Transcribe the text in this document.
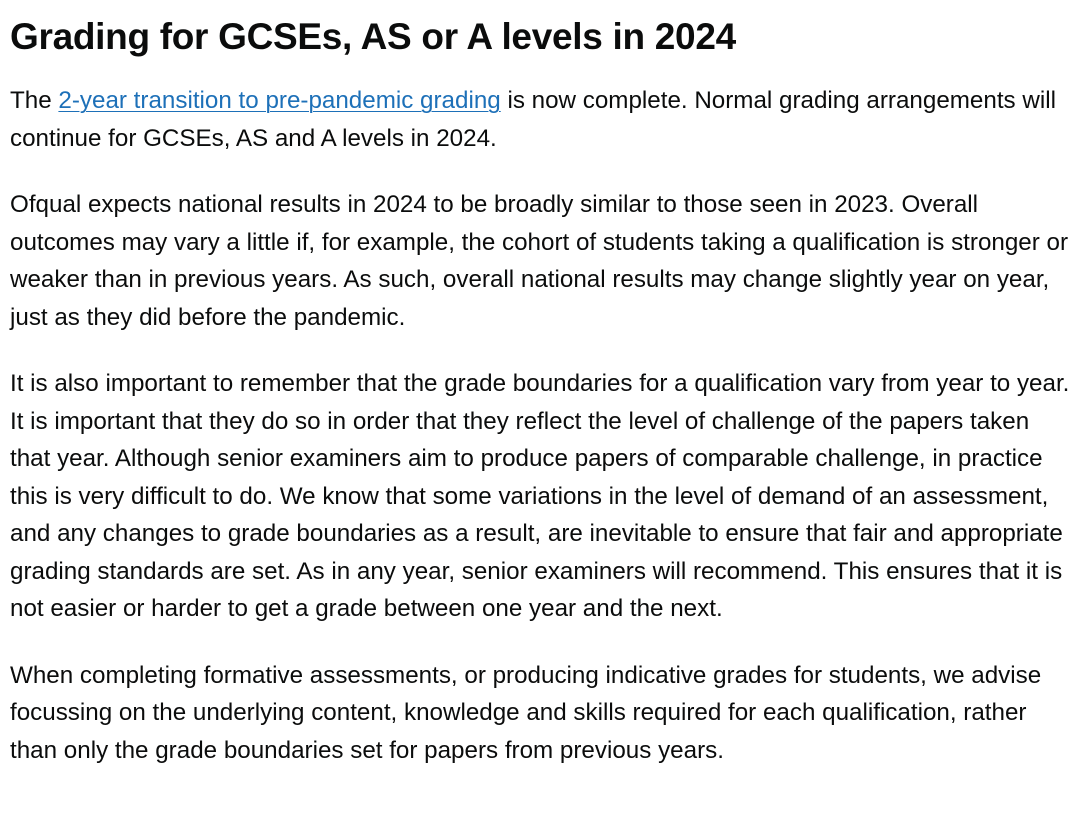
Grading for GCSEs, AS or A levels in 2024

The 2-year transition to pre-pandemic grading is now complete. Normal grading arrangements will continue for GCSEs, AS and A levels in 2024.

Ofqual expects national results in 2024 to be broadly similar to those seen in 2023. Overall outcomes may vary a little if, for example, the cohort of students taking a qualification is stronger or weaker than in previous years. As such, overall national results may change slightly year on year, just as they did before the pandemic.

It is also important to remember that the grade boundaries for a qualification vary from year to year. It is important that they do so in order that they reflect the level of challenge of the papers taken that year. Although senior examiners aim to produce papers of comparable challenge, in practice this is very difficult to do. We know that some variations in the level of demand of an assessment, and any changes to grade boundaries as a result, are inevitable to ensure that fair and appropriate grading standards are set. As in any year, senior examiners will recommend. This ensures that it is not easier or harder to get a grade between one year and the next.

When completing formative assessments, or producing indicative grades for students, we advise focussing on the underlying content, knowledge and skills required for each qualification, rather than only the grade boundaries set for papers from previous years.
